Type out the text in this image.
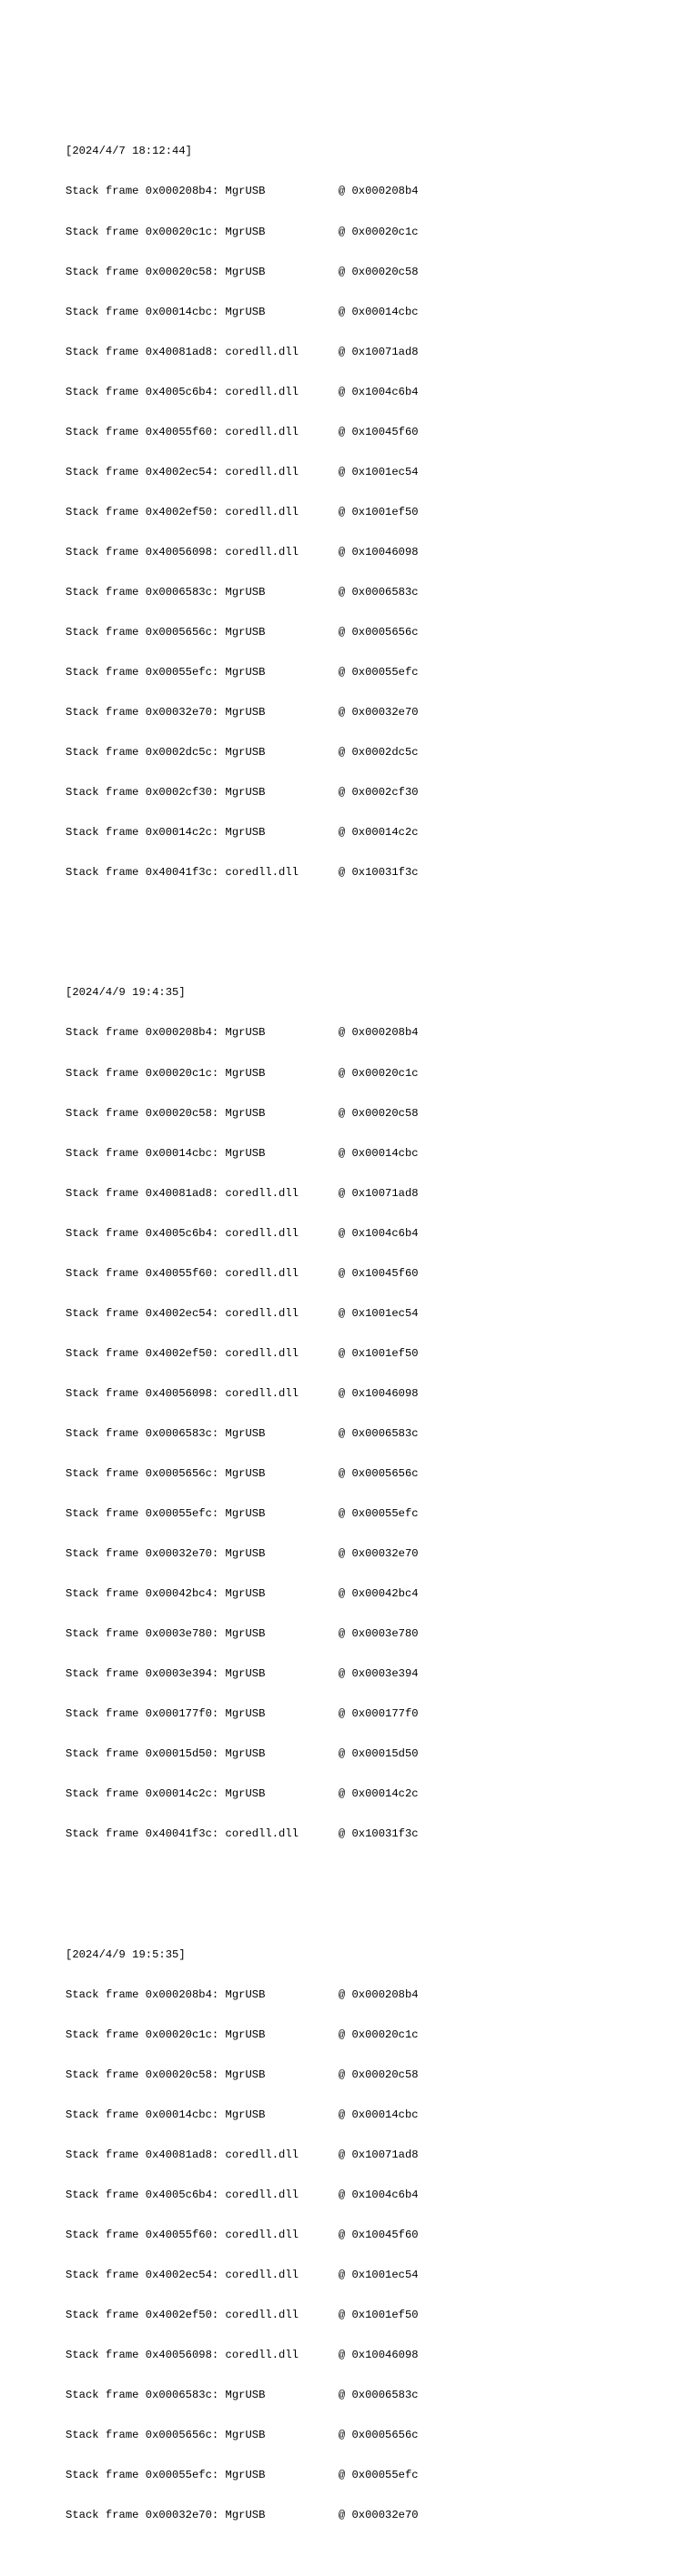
[2024/4/7 18:12:44]

Stack frame 0x000208b4: MgrUSB           @ 0x000208b4

Stack frame 0x00020c1c: MgrUSB           @ 0x00020c1c

Stack frame 0x00020c58: MgrUSB           @ 0x00020c58

Stack frame 0x00014cbc: MgrUSB           @ 0x00014cbc

Stack frame 0x40081ad8: coredll.dll      @ 0x10071ad8

Stack frame 0x4005c6b4: coredll.dll      @ 0x1004c6b4

Stack frame 0x40055f60: coredll.dll      @ 0x10045f60

Stack frame 0x4002ec54: coredll.dll      @ 0x1001ec54

Stack frame 0x4002ef50: coredll.dll      @ 0x1001ef50

Stack frame 0x40056098: coredll.dll      @ 0x10046098

Stack frame 0x0006583c: MgrUSB           @ 0x0006583c

Stack frame 0x0005656c: MgrUSB           @ 0x0005656c

Stack frame 0x00055efc: MgrUSB           @ 0x00055efc

Stack frame 0x00032e70: MgrUSB           @ 0x00032e70

Stack frame 0x0002dc5c: MgrUSB           @ 0x0002dc5c

Stack frame 0x0002cf30: MgrUSB           @ 0x0002cf30

Stack frame 0x00014c2c: MgrUSB           @ 0x00014c2c

Stack frame 0x40041f3c: coredll.dll      @ 0x10031f3c

[2024/4/9 19:4:35]

Stack frame 0x000208b4: MgrUSB           @ 0x000208b4

Stack frame 0x00020c1c: MgrUSB           @ 0x00020c1c

Stack frame 0x00020c58: MgrUSB           @ 0x00020c58

Stack frame 0x00014cbc: MgrUSB           @ 0x00014cbc

Stack frame 0x40081ad8: coredll.dll      @ 0x10071ad8

Stack frame 0x4005c6b4: coredll.dll      @ 0x1004c6b4

Stack frame 0x40055f60: coredll.dll      @ 0x10045f60

Stack frame 0x4002ec54: coredll.dll      @ 0x1001ec54

Stack frame 0x4002ef50: coredll.dll      @ 0x1001ef50

Stack frame 0x40056098: coredll.dll      @ 0x10046098

Stack frame 0x0006583c: MgrUSB           @ 0x0006583c

Stack frame 0x0005656c: MgrUSB           @ 0x0005656c

Stack frame 0x00055efc: MgrUSB           @ 0x00055efc

Stack frame 0x00032e70: MgrUSB           @ 0x00032e70

Stack frame 0x00042bc4: MgrUSB           @ 0x00042bc4

Stack frame 0x0003e780: MgrUSB           @ 0x0003e780

Stack frame 0x0003e394: MgrUSB           @ 0x0003e394

Stack frame 0x000177f0: MgrUSB           @ 0x000177f0

Stack frame 0x00015d50: MgrUSB           @ 0x00015d50

Stack frame 0x00014c2c: MgrUSB           @ 0x00014c2c

Stack frame 0x40041f3c: coredll.dll      @ 0x10031f3c

[2024/4/9 19:5:35]

Stack frame 0x000208b4: MgrUSB           @ 0x000208b4

Stack frame 0x00020c1c: MgrUSB           @ 0x00020c1c

Stack frame 0x00020c58: MgrUSB           @ 0x00020c58

Stack frame 0x00014cbc: MgrUSB           @ 0x00014cbc

Stack frame 0x40081ad8: coredll.dll      @ 0x10071ad8

Stack frame 0x4005c6b4: coredll.dll      @ 0x1004c6b4

Stack frame 0x40055f60: coredll.dll      @ 0x10045f60

Stack frame 0x4002ec54: coredll.dll      @ 0x1001ec54

Stack frame 0x4002ef50: coredll.dll      @ 0x1001ef50

Stack frame 0x40056098: coredll.dll      @ 0x10046098

Stack frame 0x0006583c: MgrUSB           @ 0x0006583c

Stack frame 0x0005656c: MgrUSB           @ 0x0005656c

Stack frame 0x00055efc: MgrUSB           @ 0x00055efc

Stack frame 0x00032e70: MgrUSB           @ 0x00032e70
